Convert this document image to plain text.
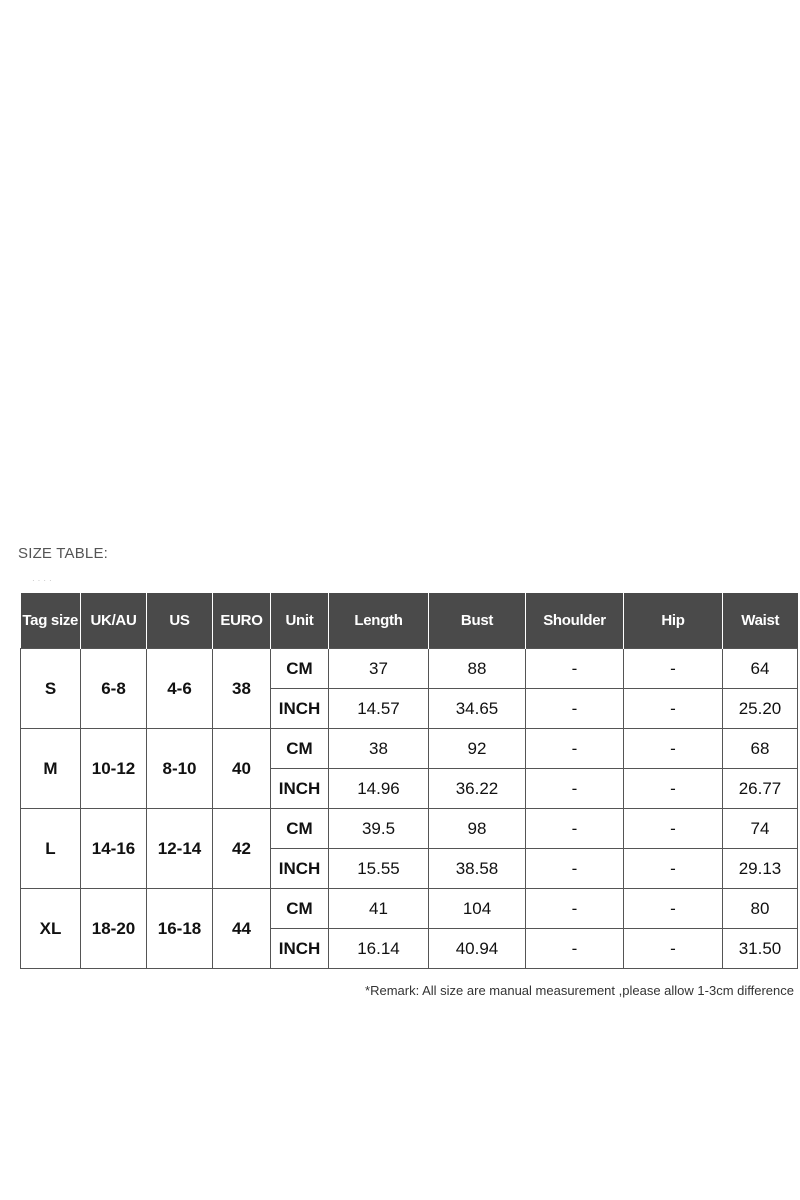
SIZE TABLE:
····
Tag size	UK/AU	US	EURO	Unit	Length	Bust	Shoulder	Hip	Waist
S	6-8	4-6	38	CM	37	88	-	-	64
				INCH	14.57	34.65	-	-	25.20
M	10-12	8-10	40	CM	38	92	-	-	68
				INCH	14.96	36.22	-	-	26.77
L	14-16	12-14	42	CM	39.5	98	-	-	74
				INCH	15.55	38.58	-	-	29.13
XL	18-20	16-18	44	CM	41	104	-	-	80
				INCH	16.14	40.94	-	-	31.50
*Remark: All size are manual measurement ,please allow 1-3cm difference
